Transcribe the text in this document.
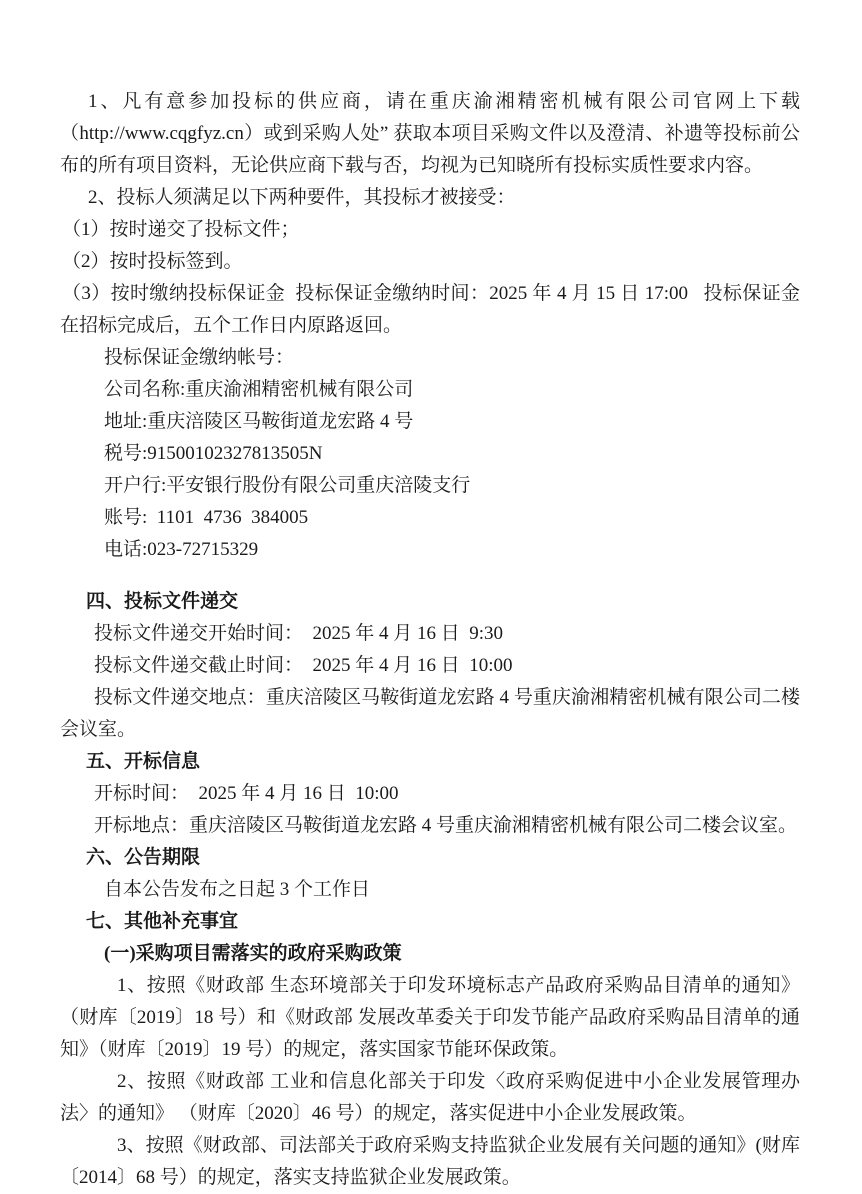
1、凡有意参加投标的供应商，请在重庆渝湘精密机械有限公司官网上下载（http://www.cqgfyz.cn）或到采购人处” 获取本项目采购文件以及澄清、补遗等投标前公布的所有项目资料，无论供应商下载与否，均视为已知晓所有投标实质性要求内容。

2、投标人须满足以下两种要件，其投标才被接受：

（1）按时递交了投标文件；

（2）按时投标签到。

（3）按时缴纳投标保证金  投标保证金缴纳时间：2025 年 4 月 15 日 17:00   投标保证金在招标完成后，五个工作日内原路返回。

投标保证金缴纳帐号：

公司名称:重庆渝湘精密机械有限公司

地址:重庆涪陵区马鞍街道龙宏路 4 号

税号:91500102327813505N

开户行:平安银行股份有限公司重庆涪陵支行

账号:  1101  4736  384005

电话:023-72715329

四、投标文件递交

投标文件递交开始时间：  2025 年 4 月 16 日  9:30

投标文件递交截止时间：  2025 年 4 月 16 日  10:00

投标文件递交地点：重庆涪陵区马鞍街道龙宏路 4 号重庆渝湘精密机械有限公司二楼会议室。

五、开标信息

开标时间：  2025 年 4 月 16 日  10:00

开标地点：重庆涪陵区马鞍街道龙宏路 4 号重庆渝湘精密机械有限公司二楼会议室。

六、公告期限

自本公告发布之日起 3 个工作日

七、其他补充事宜

(一)采购项目需落实的政府采购政策

1、按照《财政部 生态环境部关于印发环境标志产品政府采购品目清单的通知》（财库〔2019〕18 号）和《财政部 发展改革委关于印发节能产品政府采购品目清单的通知》（财库〔2019〕19 号）的规定，落实国家节能环保政策。

2、按照《财政部 工业和信息化部关于印发〈政府采购促进中小企业发展管理办法〉的通知》 （财库〔2020〕46 号）的规定，落实促进中小企业发展政策。

3、按照《财政部、司法部关于政府采购支持监狱企业发展有关问题的通知》(财库〔2014〕68 号）的规定，落实支持监狱企业发展政策。
